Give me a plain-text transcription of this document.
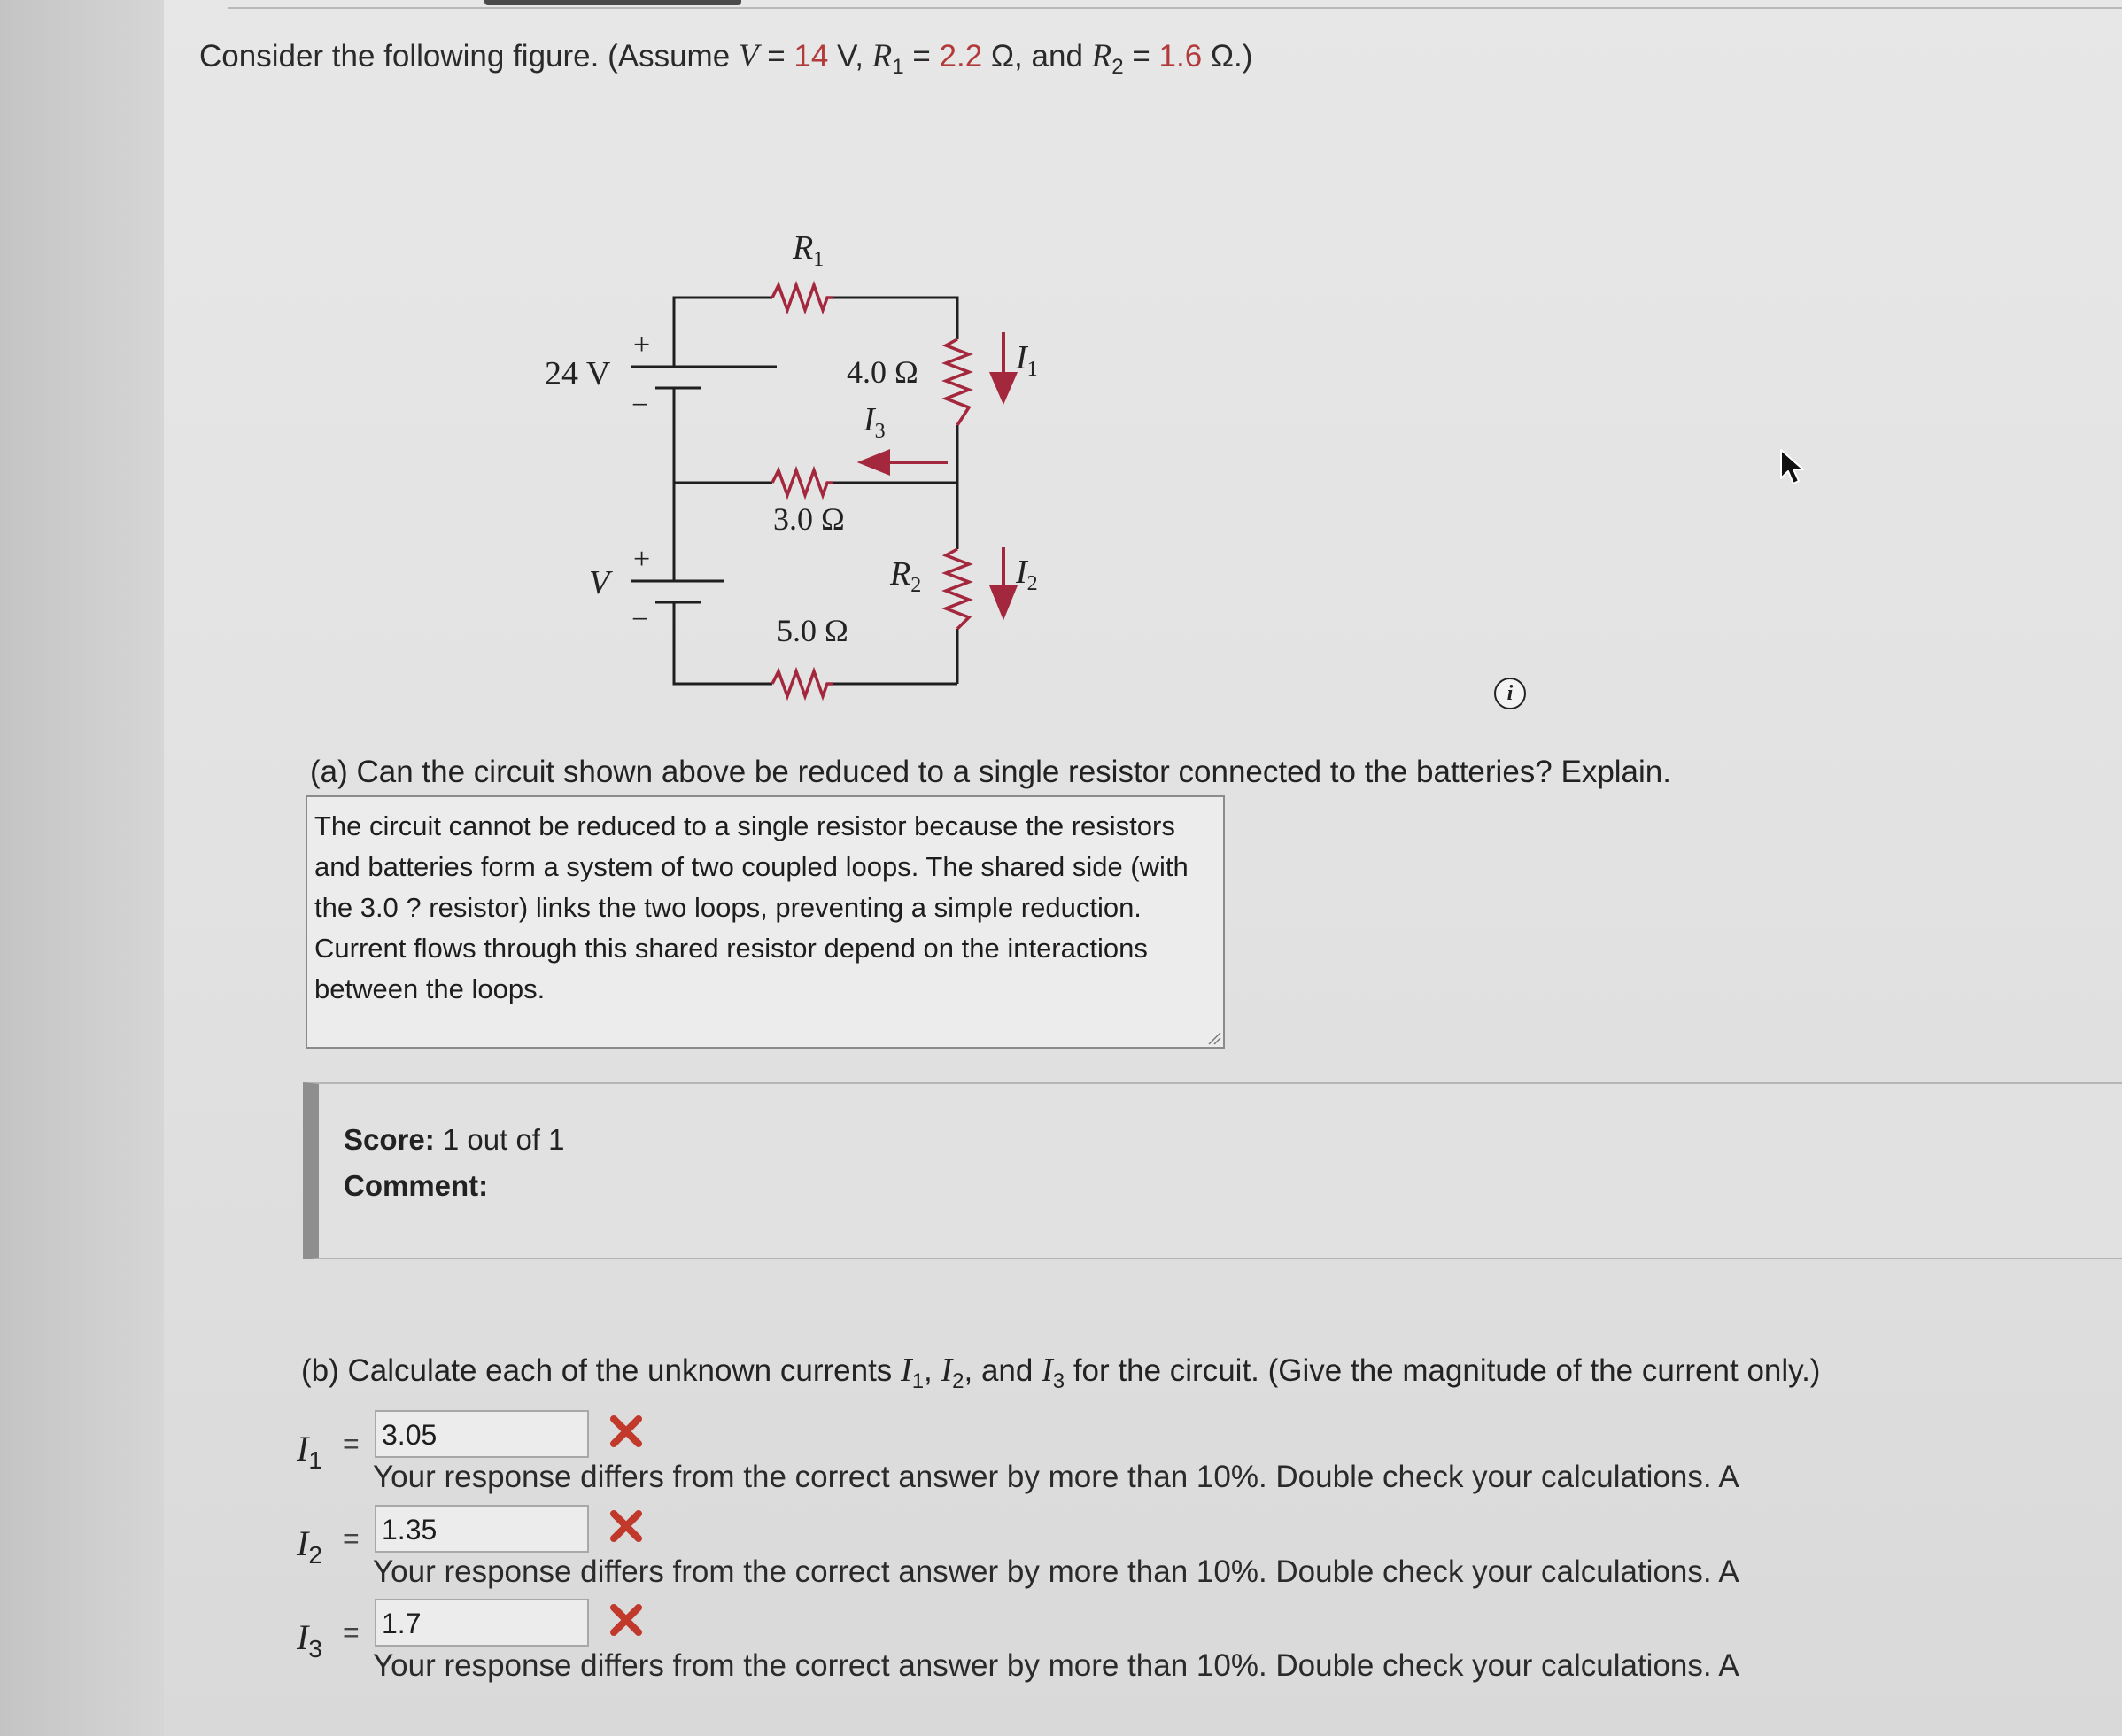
Consider the following figure. (Assume V = 14 V, $R_1 = 2.2$ Ω, and $R_2 = 1.6$ Ω.)
24 V
+
−
V
+
−
$R_1$
4.0 Ω
3.0 Ω
5.0 Ω
$R_2$
$I_1$
$I_3$
$I_2$
i
(a) Can the circuit shown above be reduced to a single resistor connected to the batteries? Explain.
The circuit cannot be reduced to a single resistor because the resistors and batteries form a system of two coupled loops. The shared side (with the 3.0 ? resistor) links the two loops, preventing a simple reduction. Current flows through this shared resistor depend on the interactions between the loops.
Score: 1 out of 1
Comment:
(b) Calculate each of the unknown currents $I_1$, $I_2$, and $I_3$ for the circuit. (Give the magnitude of the current only.)
$I_1$
= 3.05
Your response differs from the correct answer by more than 10%. Double check your calculations. A
$I_2$
= 1.35
Your response differs from the correct answer by more than 10%. Double check your calculations. A
$I_3$
= 1.7
Your response differs from the correct answer by more than 10%. Double check your calculations. A
